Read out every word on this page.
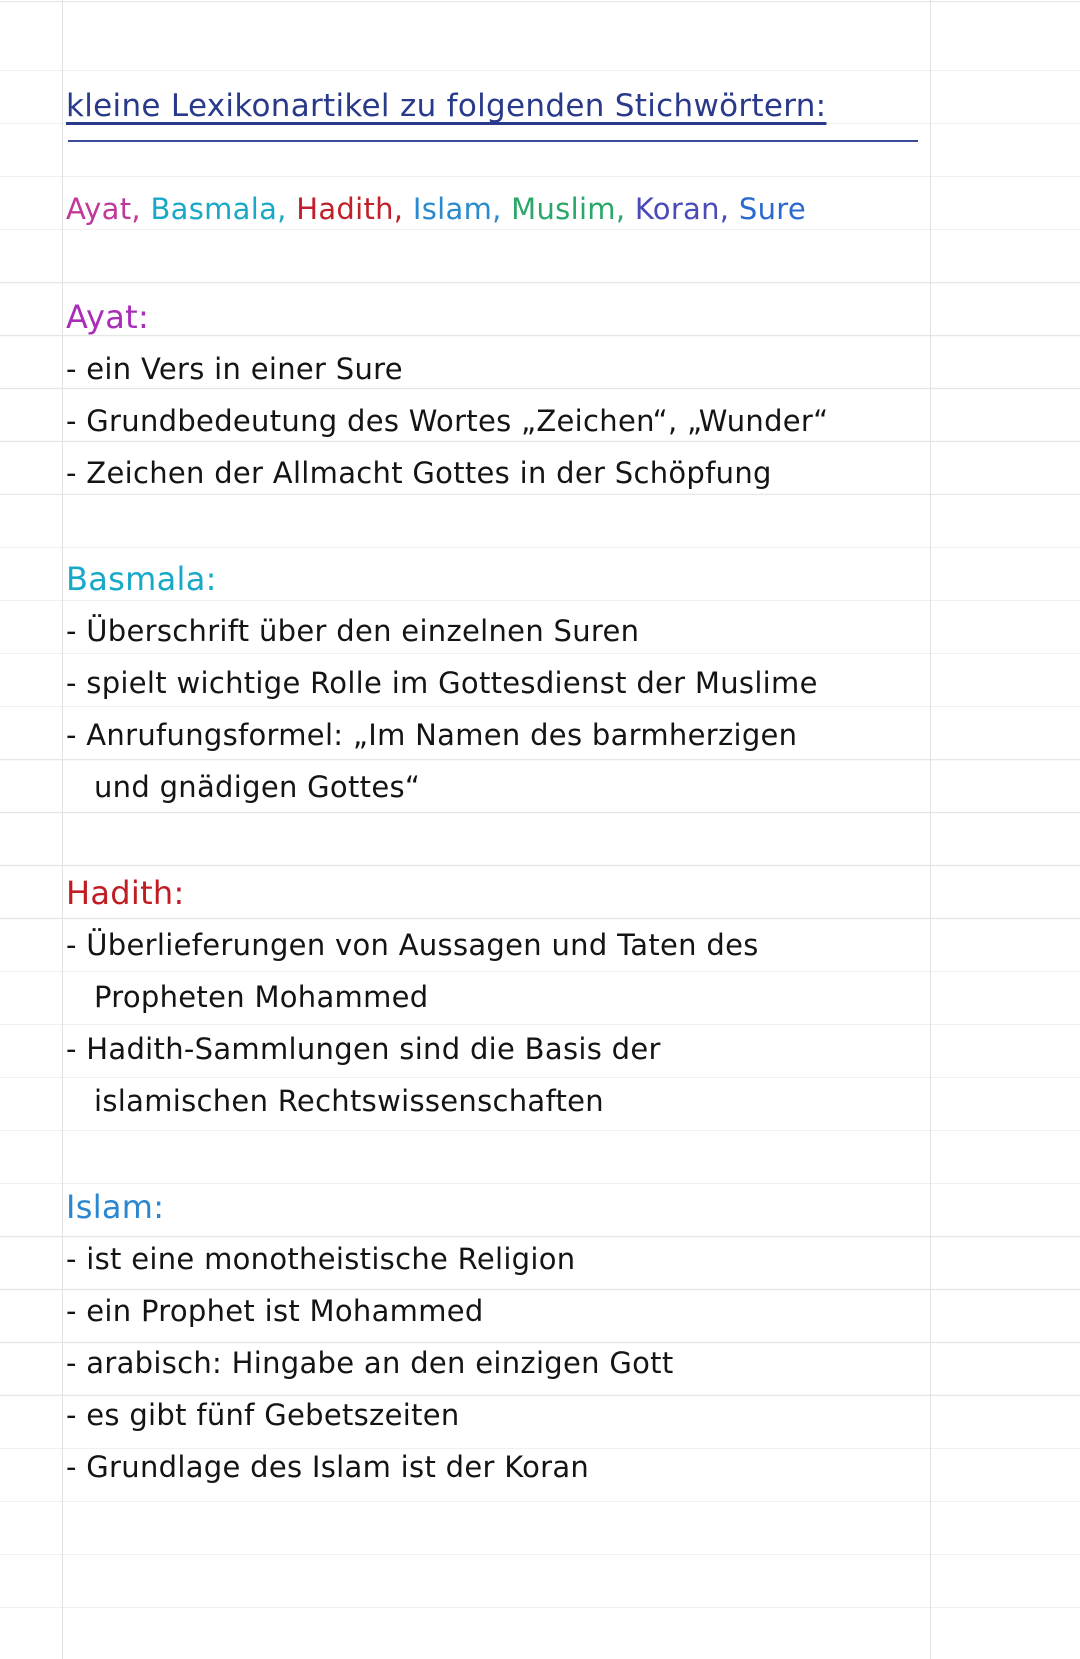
kleine Lexikonartikel zu folgenden Stichwörtern:
Ayat, Basmala, Hadith, Islam, Muslim, Koran, Sure
Ayat:
- ein Vers in einer Sure
- Grundbedeutung des Wortes „Zeichen“, „Wunder“
- Zeichen der Allmacht Gottes in der Schöpfung
Basmala:
- Überschrift über den einzelnen Suren
- spielt wichtige Rolle im Gottesdienst der Muslime
- Anrufungsformel: „Im Namen des barmherzigen
und gnädigen Gottes“
Hadith:
- Überlieferungen von Aussagen und Taten des
Propheten Mohammed
- Hadith-Sammlungen sind die Basis der
islamischen Rechtswissenschaften
Islam:
- ist eine monotheistische Religion
- ein Prophet ist Mohammed
- arabisch: Hingabe an den einzigen Gott
- es gibt fünf Gebetszeiten
- Grundlage des Islam ist der Koran
